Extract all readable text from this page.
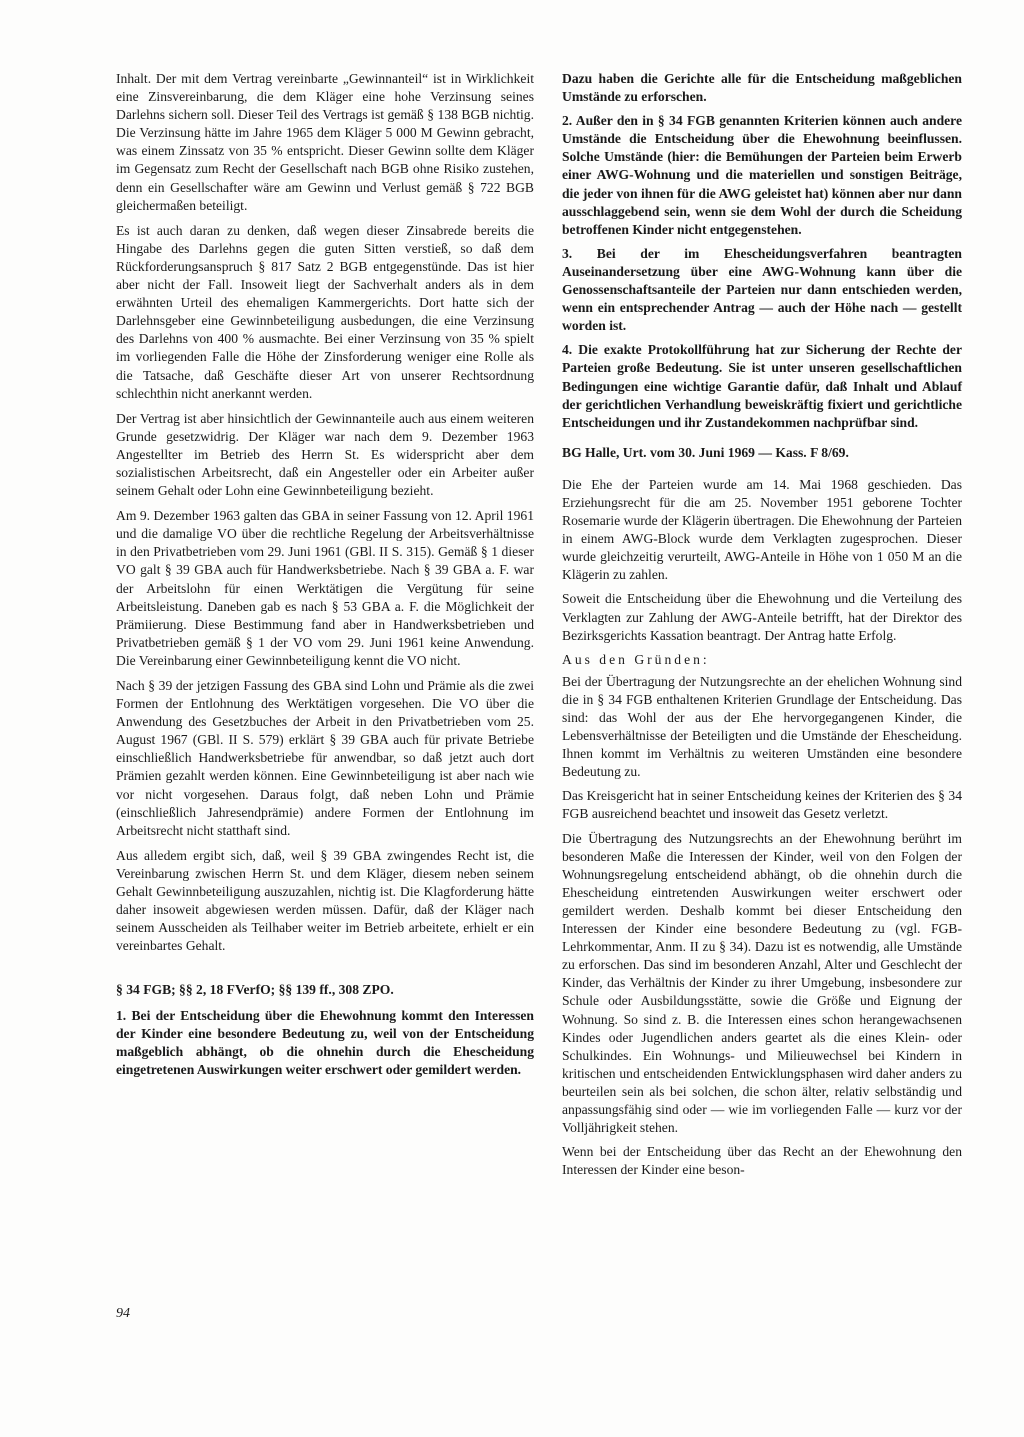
Inhalt. Der mit dem Vertrag vereinbarte „Gewinnanteil“ ist in Wirklichkeit eine Zinsvereinbarung, die dem Kläger eine hohe Verzinsung seines Darlehns sichern soll. Dieser Teil des Vertrags ist gemäß § 138 BGB nichtig. Die Verzinsung hätte im Jahre 1965 dem Kläger 5 000 M Gewinn gebracht, was einem Zinssatz von 35 % entspricht. Dieser Gewinn sollte dem Kläger im Gegensatz zum Recht der Gesellschaft nach BGB ohne Risiko zustehen, denn ein Gesellschafter wäre am Gewinn und Verlust gemäß § 722 BGB gleichermaßen beteiligt.

Es ist auch daran zu denken, daß wegen dieser Zinsabrede bereits die Hingabe des Darlehns gegen die guten Sitten verstieß, so daß dem Rückforderungsanspruch § 817 Satz 2 BGB entgegenstünde. Das ist hier aber nicht der Fall. Insoweit liegt der Sachverhalt anders als in dem erwähnten Urteil des ehemaligen Kammergerichts. Dort hatte sich der Darlehnsgeber eine Gewinnbeteiligung ausbedungen, die eine Verzinsung des Darlehns von 400 % ausmachte. Bei einer Verzinsung von 35 % spielt im vorliegenden Falle die Höhe der Zinsforderung weniger eine Rolle als die Tatsache, daß Geschäfte dieser Art von unserer Rechtsordnung schlechthin nicht anerkannt werden.

Der Vertrag ist aber hinsichtlich der Gewinnanteile auch aus einem weiteren Grunde gesetzwidrig. Der Kläger war nach dem 9. Dezember 1963 Angestellter im Betrieb des Herrn St. Es widerspricht aber dem sozialistischen Arbeitsrecht, daß ein Angesteller oder ein Arbeiter außer seinem Gehalt oder Lohn eine Gewinnbeteiligung bezieht.

Am 9. Dezember 1963 galten das GBA in seiner Fassung von 12. April 1961 und die damalige VO über die rechtliche Regelung der Arbeitsverhältnisse in den Privatbetrieben vom 29. Juni 1961 (GBl. II S. 315). Gemäß § 1 dieser VO galt § 39 GBA auch für Handwerksbetriebe. Nach § 39 GBA a. F. war der Arbeitslohn für einen Werktätigen die Vergütung für seine Arbeitsleistung. Daneben gab es nach § 53 GBA a. F. die Möglichkeit der Prämiierung. Diese Bestimmung fand aber in Handwerksbetrieben und Privatbetrieben gemäß § 1 der VO vom 29. Juni 1961 keine Anwendung. Die Vereinbarung einer Gewinnbeteiligung kennt die VO nicht.

Nach § 39 der jetzigen Fassung des GBA sind Lohn und Prämie als die zwei Formen der Entlohnung des Werktätigen vorgesehen. Die VO über die Anwendung des Gesetzbuches der Arbeit in den Privatbetrieben vom 25. August 1967 (GBl. II S. 579) erklärt § 39 GBA auch für private Betriebe einschließlich Handwerksbetriebe für anwendbar, so daß jetzt auch dort Prämien gezahlt werden können. Eine Gewinnbeteiligung ist aber nach wie vor nicht vorgesehen. Daraus folgt, daß neben Lohn und Prämie (einschließlich Jahresendprämie) andere Formen der Entlohnung im Arbeitsrecht nicht statthaft sind.

Aus alledem ergibt sich, daß, weil § 39 GBA zwingendes Recht ist, die Vereinbarung zwischen Herrn St. und dem Kläger, diesem neben seinem Gehalt Gewinnbeteiligung auszuzahlen, nichtig ist. Die Klagforderung hätte daher insoweit abgewiesen werden müssen. Dafür, daß der Kläger nach seinem Ausscheiden als Teilhaber weiter im Betrieb arbeitete, erhielt er ein vereinbartes Gehalt.

§ 34 FGB; §§ 2, 18 FVerfO; §§ 139 ff., 308 ZPO.

1. Bei der Entscheidung über die Ehewohnung kommt den Interessen der Kinder eine besondere Bedeutung zu, weil von der Entscheidung maßgeblich abhängt, ob die ohnehin durch die Ehescheidung eingetretenen Auswirkungen weiter erschwert oder gemildert werden.

Dazu haben die Gerichte alle für die Entscheidung maßgeblichen Umstände zu erforschen.

2. Außer den in § 34 FGB genannten Kriterien können auch andere Umstände die Entscheidung über die Ehewohnung beeinflussen. Solche Umstände (hier: die Bemühungen der Parteien beim Erwerb einer AWG-Wohnung und die materiellen und sonstigen Beiträge, die jeder von ihnen für die AWG geleistet hat) können aber nur dann ausschlaggebend sein, wenn sie dem Wohl der durch die Scheidung betroffenen Kinder nicht entgegenstehen.

3. Bei der im Ehescheidungsverfahren beantragten Auseinandersetzung über eine AWG-Wohnung kann über die Genossenschaftsanteile der Parteien nur dann entschieden werden, wenn ein entsprechender Antrag — auch der Höhe nach — gestellt worden ist.

4. Die exakte Protokollführung hat zur Sicherung der Rechte der Parteien große Bedeutung. Sie ist unter unseren gesellschaftlichen Bedingungen eine wichtige Garantie dafür, daß Inhalt und Ablauf der gerichtlichen Verhandlung beweiskräftig fixiert und gerichtliche Entscheidungen und ihr Zustandekommen nachprüfbar sind.

BG Halle, Urt. vom 30. Juni 1969 — Kass. F 8/69.

Die Ehe der Parteien wurde am 14. Mai 1968 geschieden. Das Erziehungsrecht für die am 25. November 1951 geborene Tochter Rosemarie wurde der Klägerin übertragen. Die Ehewohnung der Parteien in einem AWG-Block wurde dem Verklagten zugesprochen. Dieser wurde gleichzeitig verurteilt, AWG-Anteile in Höhe von 1 050 M an die Klägerin zu zahlen.

Soweit die Entscheidung über die Ehewohnung und die Verteilung des Verklagten zur Zahlung der AWG-Anteile betrifft, hat der Direktor des Bezirksgerichts Kassation beantragt. Der Antrag hatte Erfolg.

Aus den Gründen:

Bei der Übertragung der Nutzungsrechte an der ehelichen Wohnung sind die in § 34 FGB enthaltenen Kriterien Grundlage der Entscheidung. Das sind: das Wohl der aus der Ehe hervorgegangenen Kinder, die Lebensverhältnisse der Beteiligten und die Umstände der Ehescheidung. Ihnen kommt im Verhältnis zu weiteren Umständen eine besondere Bedeutung zu.

Das Kreisgericht hat in seiner Entscheidung keines der Kriterien des § 34 FGB ausreichend beachtet und insoweit das Gesetz verletzt.

Die Übertragung des Nutzungsrechts an der Ehewohnung berührt im besonderen Maße die Interessen der Kinder, weil von den Folgen der Wohnungsregelung entscheidend abhängt, ob die ohnehin durch die Ehescheidung eintretenden Auswirkungen weiter erschwert oder gemildert werden. Deshalb kommt bei dieser Entscheidung den Interessen der Kinder eine besondere Bedeutung zu (vgl. FGB-Lehrkommentar, Anm. II zu § 34). Dazu ist es notwendig, alle Umstände zu erforschen. Das sind im besonderen Anzahl, Alter und Geschlecht der Kinder, das Verhältnis der Kinder zu ihrer Umgebung, insbesondere zur Schule oder Ausbildungsstätte, sowie die Größe und Eignung der Wohnung. So sind z. B. die Interessen eines schon herangewachsenen Kindes oder Jugendlichen anders geartet als die eines Klein- oder Schulkindes. Ein Wohnungs- und Milieuwechsel bei Kindern in kritischen und entscheidenden Entwicklungsphasen wird daher anders zu beurteilen sein als bei solchen, die schon älter, relativ selbständig und anpassungsfähig sind oder — wie im vorliegenden Falle — kurz vor der Volljährigkeit stehen.

Wenn bei der Entscheidung über das Recht an der Ehewohnung den Interessen der Kinder eine beson-

94
